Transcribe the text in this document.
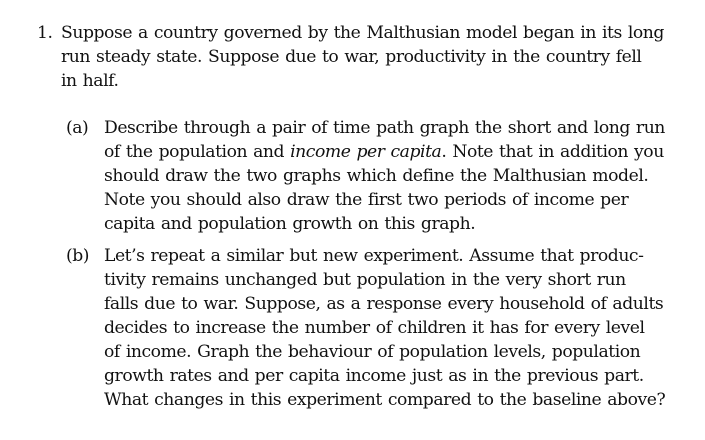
1. Suppose a country governed by the Malthusian model began in its long
run steady state. Suppose due to war, productivity in the country fell
in half.
(a) Describe through a pair of time path graph the short and long run
of the population and income per capita. Note that in addition you
should draw the two graphs which define the Malthusian model.
Note you should also draw the first two periods of income per
capita and population growth on this graph.
(b) Let’s repeat a similar but new experiment. Assume that produc-
tivity remains unchanged but population in the very short run
falls due to war. Suppose, as a response every household of adults
decides to increase the number of children it has for every level
of income. Graph the behaviour of population levels, population
growth rates and per capita income just as in the previous part.
What changes in this experiment compared to the baseline above?
